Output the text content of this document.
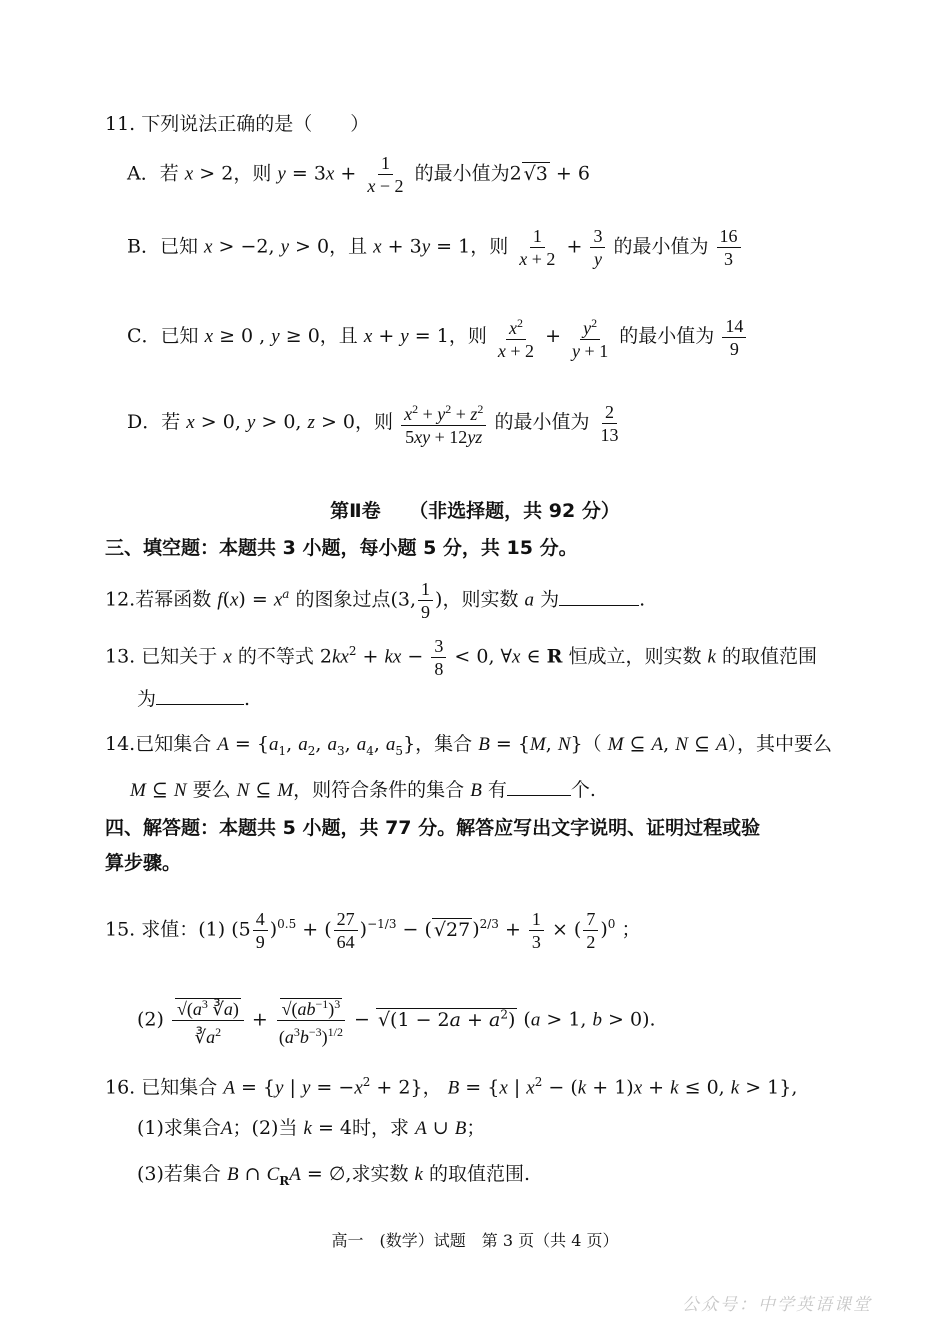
11. 下列说法正确的是（　　）
A．若 x > 2，则 $y = 3x + \frac{1}{x - 2}$ 的最小值为2 √3 + 6
B．已知 x > −2, y > 0，且 x + 3y = 1，则 $\frac{1}{x + 2} + \frac{3}{y}$ 的最小值为 $\frac{16}{3}$
C．已知 x ≥ 0 , y ≥ 0，且 x + y = 1，则 $\frac{x^2}{x + 2} + \frac{y^2}{y + 1}$ 的最小值为 $\frac{14}{9}$
D．若 x > 0, y > 0, z > 0，则 $\frac{x^2 + y^2 + z^2}{5xy + 12yz}$ 的最小值为 $\frac{2}{13}$
第Ⅱ卷　　（非选择题，共 92 分）
三、填空题：本题共 3 小题，每小题 5 分，共 15 分。
12.若幂函数 $f(x) = x^a$ 的图象过点(3, $\frac{1}{9}$ )，则实数 a 为	.
13. 已知关于 x 的不等式 $2kx^2$ + kx − $\frac{3}{8} < 0$, ∀x ∈ R 恒成立，则实数 k 的取值范围
为	.
14.已知集合 $A = \{a_1$, $a_2$, $a_3$, $a_4$, $a_5$}，集合 B = {M, N}（ M ⊆ A, N ⊆ A），其中要么
M ⊆ N 要么 N ⊆ M，则符合条件的集合 B 有	个.
四、解答题：本题共 5 小题，共 77 分。解答应写出文字说明、证明过程或验
算步骤。
15. 求值：(1) $(5 \frac{4}{9} )^{0.5}$ + ( $\frac{27}{64} )^{-1/3}$ − ( √27 )$^{2/3} + \frac{1}{3}$ × ( $\frac{7}{2} )^0$ ；
$(2) \frac{√(a^3 ∛a)}{∛a^2} + \frac{√(ab^{-1})^3}{(a^3b^{-3})^{1/2}} - √(1 - 2a + a^2) (a > 1$, b > 0).
16. 已知集合 A = {y | $y = -x^2 + 2$}， B = {x | $x^2 - (k + 1)x + k \le 0$, k > 1},
(1)求集合A；(2)当 k = 4时，求 A ∪ B；
(3)若集合 B ∩ $C_RA$ = ∅,求实数 k 的取值范围.
高一　(数学）试题　第 3 页（共 4 页）
公众号：中学英语课堂
